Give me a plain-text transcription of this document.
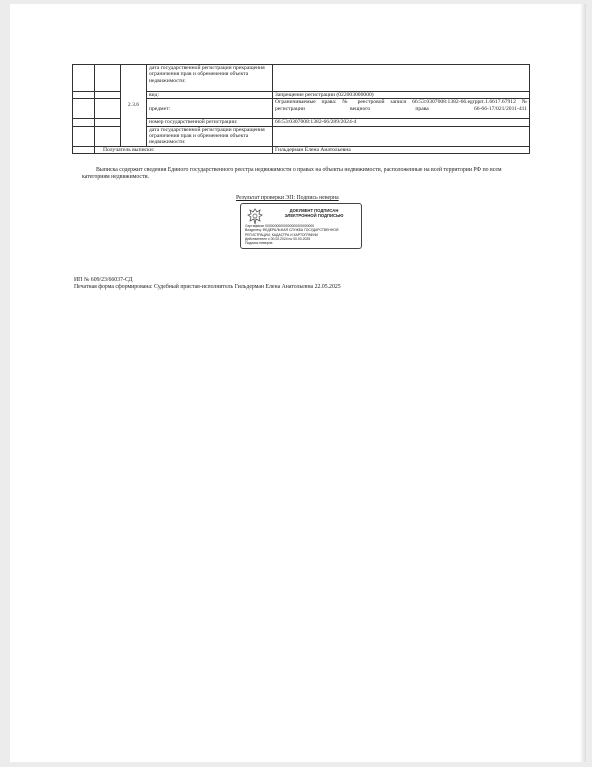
		2.3.6	дата государственной регистрации прекращения ограничения прав и обременения объекта недвижимости:	
			вид:	Запрещение регистрации (022003000000)
			предмет:	Ограничиваемые права: № реестровой записи 66:53:0307008:1382-66.egrpprt.1.6617.67912 № регистрации вещного права 66-66-17/021/2011-411
			номер государственной регистрации:	66:53:0307008:1382-66/289/2024-4
			дата государственной регистрации прекращения ограничения прав и обременения объекта недвижимости:	
	Получатель выписки:			Гильдерман Елена Анатольевна
Выписка содержит сведения Единого государственного реестра недвижимости о правах на объекты недвижимости, расположенные на всей территории РФ по всем категориям недвижимости.
Результат проверки ЭП: Подпись неверна
ДОКУМЕНТ ПОДПИСАН
ЭЛЕКТРОННОЙ ПОДПИСЬЮ
Сертификат 00000000000000000000000000
Владелец: ФЕДЕРАЛЬНАЯ СЛУЖБА ГОСУДАРСТВЕННОЙ
РЕГИСТРАЦИИ, КАДАСТРА И КАРТОГРАФИИ
Действителен с 00.00.2024 по 00.00.2025
Подпись неверна
ИП № 609/23/66037-СД
Печатная форма сформирована: Судебный пристав-исполнитель Гильдерман Елена Анатольевна 22.05.2025
